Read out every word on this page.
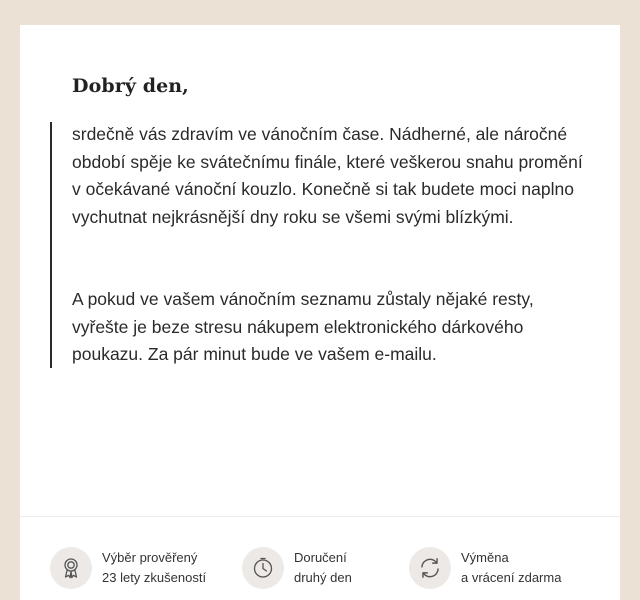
Dobrý den,

srdečně vás zdravím ve vánočním čase. Nádherné, ale náročné období spěje ke svátečnímu finále, které veškerou snahu promění v očekávané vánoční kouzlo. Konečně si tak budete moci naplno vychutnat nejkrásnější dny roku se všemi svými blízkými.

A pokud ve vašem vánočním seznamu zůstaly nějaké resty, vyřešte je beze stresu nákupem elektronického dárkového poukazu. Za pár minut bude ve vašem e-mailu.

Výběr prověřený
23 lety zkušeností
Doručení
druhý den
Výměna
a vrácení zdarma
